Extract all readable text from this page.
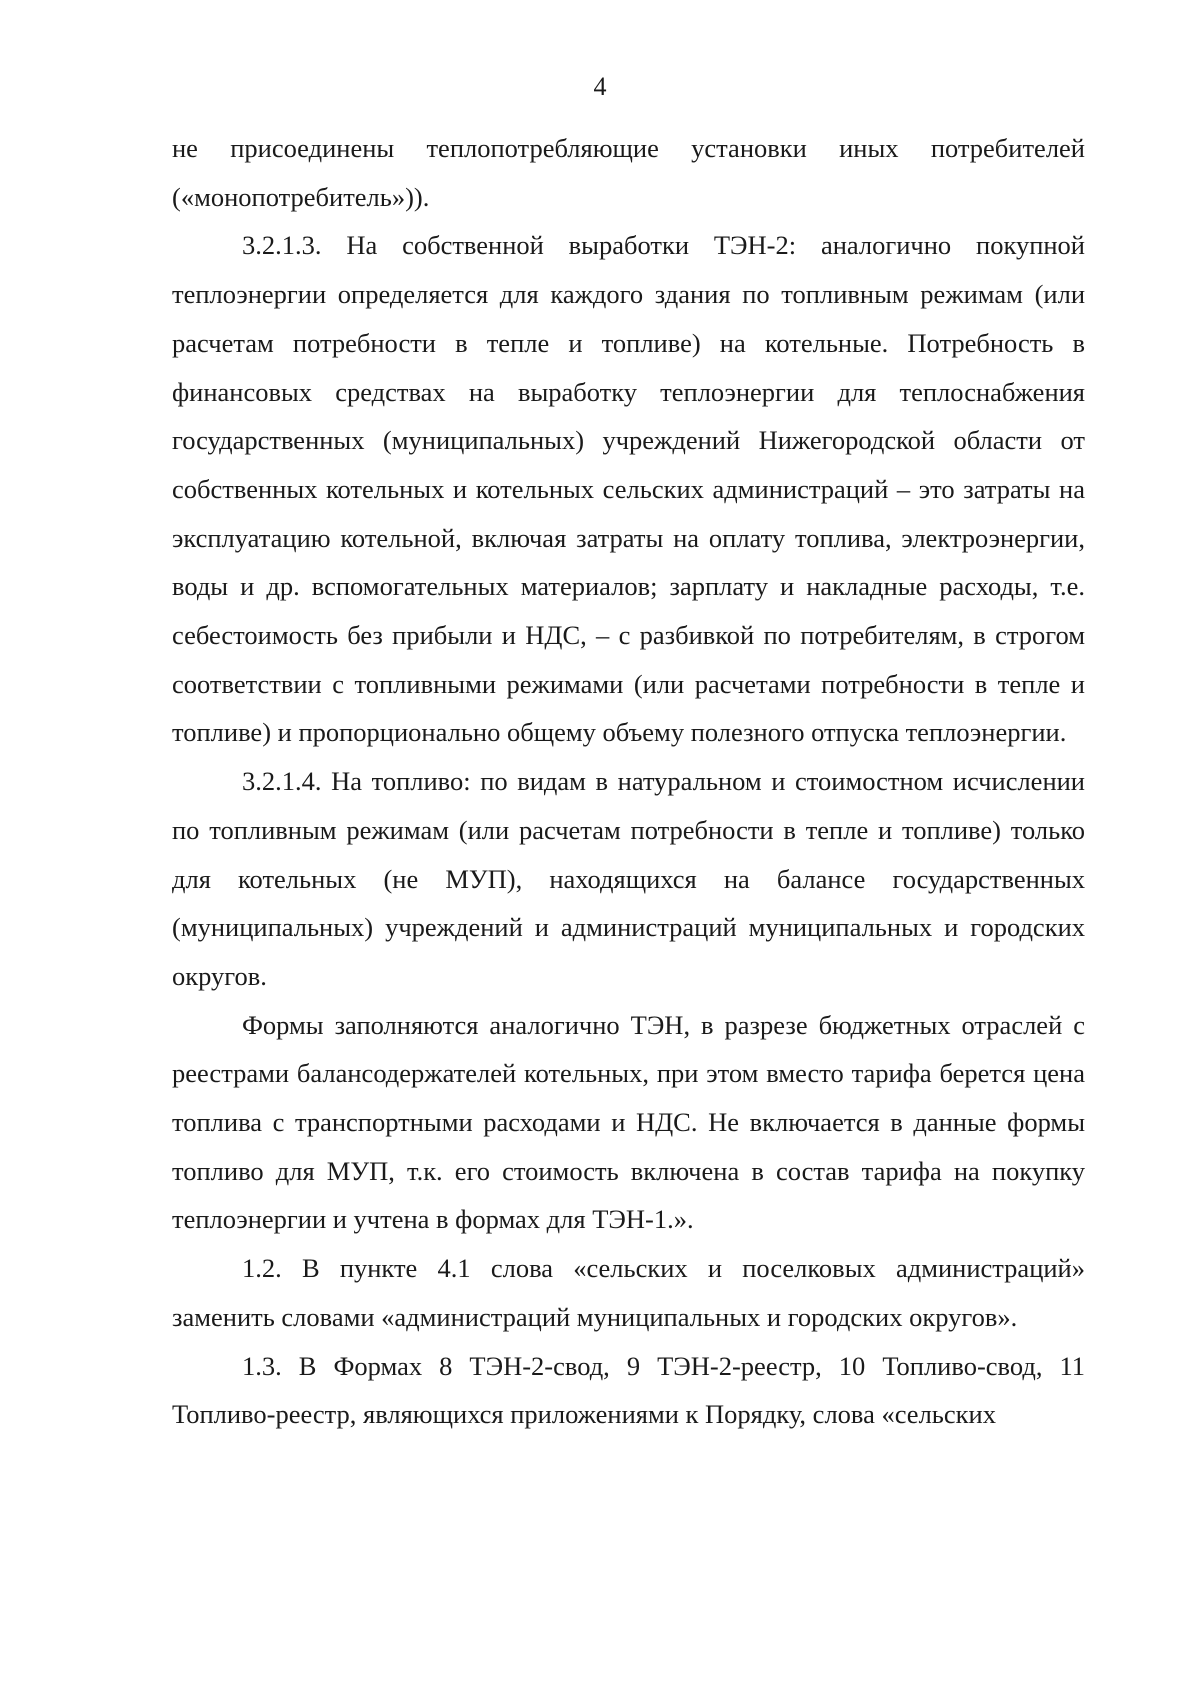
4

не присоединены теплопотребляющие установки иных потребителей («монопотребитель»)).

3.2.1.3. На собственной выработки ТЭН-2: аналогично покупной теплоэнергии определяется для каждого здания по топливным режимам (или расчетам потребности в тепле и топливе) на котельные. Потребность в финансовых средствах на выработку теплоэнергии для теплоснабжения государственных (муниципальных) учреждений Нижегородской области от собственных котельных и котельных сельских администраций – это затраты на эксплуатацию котельной, включая затраты на оплату топлива, электроэнергии, воды и др. вспомогательных материалов; зарплату и накладные расходы, т.е. себестоимость без прибыли и НДС, – с разбивкой по потребителям, в строгом соответствии с топливными режимами (или расчетами потребности в тепле и топливе) и пропорционально общему объему полезного отпуска теплоэнергии.

3.2.1.4. На топливо: по видам в натуральном и стоимостном исчислении по топливным режимам (или расчетам потребности в тепле и топливе) только для котельных (не МУП), находящихся на балансе государственных (муниципальных) учреждений и администраций муниципальных и городских округов.

Формы заполняются аналогично ТЭН, в разрезе бюджетных отраслей с реестрами балансодержателей котельных, при этом вместо тарифа берется цена топлива с транспортными расходами и НДС. Не включается в данные формы топливо для МУП, т.к. его стоимость включена в состав тарифа на покупку теплоэнергии и учтена в формах для ТЭН-1.».

1.2. В пункте 4.1 слова «сельских и поселковых администраций» заменить словами «администраций муниципальных и городских округов».

1.3. В Формах 8 ТЭН-2-свод, 9 ТЭН-2-реестр, 10 Топливо-свод, 11 Топливо-реестр, являющихся приложениями к Порядку, слова «сельских
